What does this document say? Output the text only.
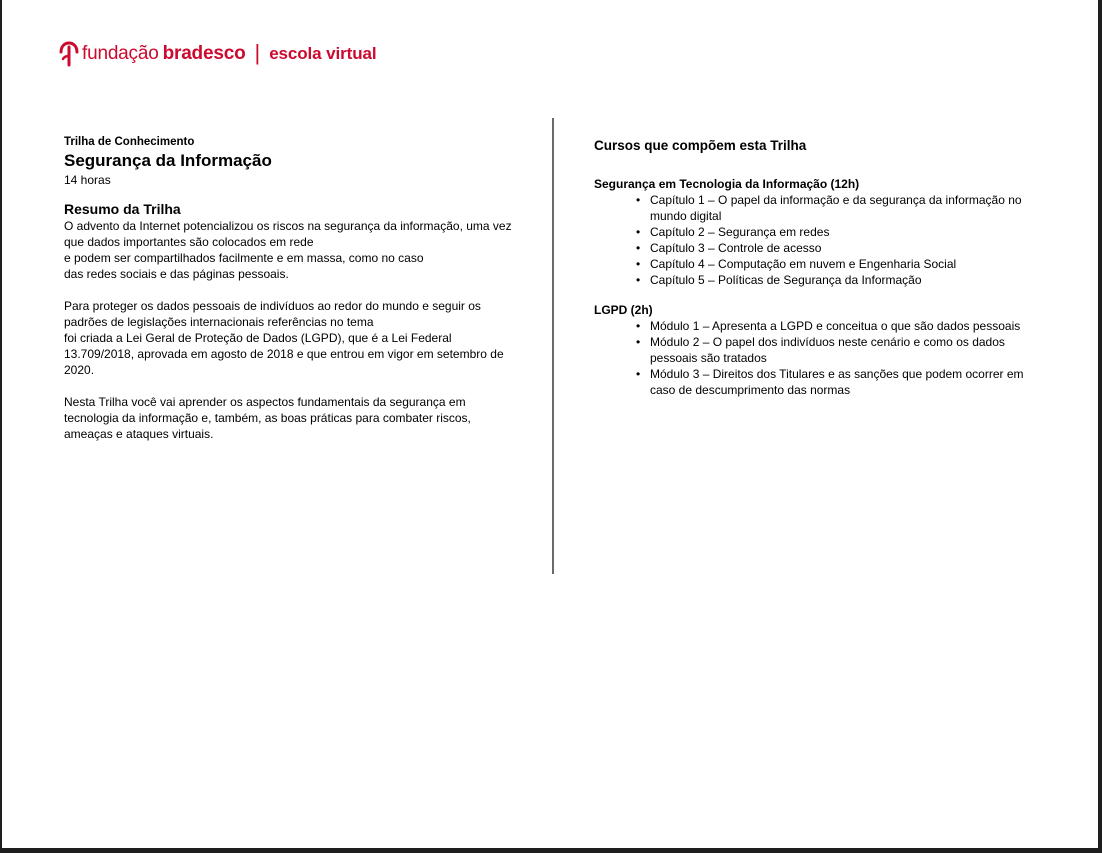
fundação bradesco | escola virtual

Trilha de Conhecimento

Segurança da Informação

14 horas

Resumo da Trilha

O advento da Internet potencializou os riscos na segurança da informação, uma vez
que dados importantes são colocados em rede
e podem ser compartilhados facilmente e em massa, como no caso
das redes sociais e das páginas pessoais.

Para proteger os dados pessoais de indivíduos ao redor do mundo e seguir os
padrões de legislações internacionais referências no tema
foi criada a Lei Geral de Proteção de Dados (LGPD), que é a Lei Federal
13.709/2018, aprovada em agosto de 2018 e que entrou em vigor em setembro de
2020.

Nesta Trilha você vai aprender os aspectos fundamentais da segurança em
tecnologia da informação e, também, as boas práticas para combater riscos,
ameaças e ataques virtuais.

Cursos que compõem esta Trilha

Segurança em Tecnologia da Informação (12h)

• Capítulo 1 – O papel da informação e da segurança da informação no
mundo digital
• Capítulo 2 – Segurança em redes
• Capítulo 3 – Controle de acesso
• Capítulo 4 – Computação em nuvem e Engenharia Social
• Capítulo 5 – Políticas de Segurança da Informação

LGPD (2h)

• Módulo 1 – Apresenta a LGPD e conceitua o que são dados pessoais
• Módulo 2 – O papel dos indivíduos neste cenário e como os dados
pessoais são tratados
• Módulo 3 – Direitos dos Titulares e as sanções que podem ocorrer em
caso de descumprimento das normas
